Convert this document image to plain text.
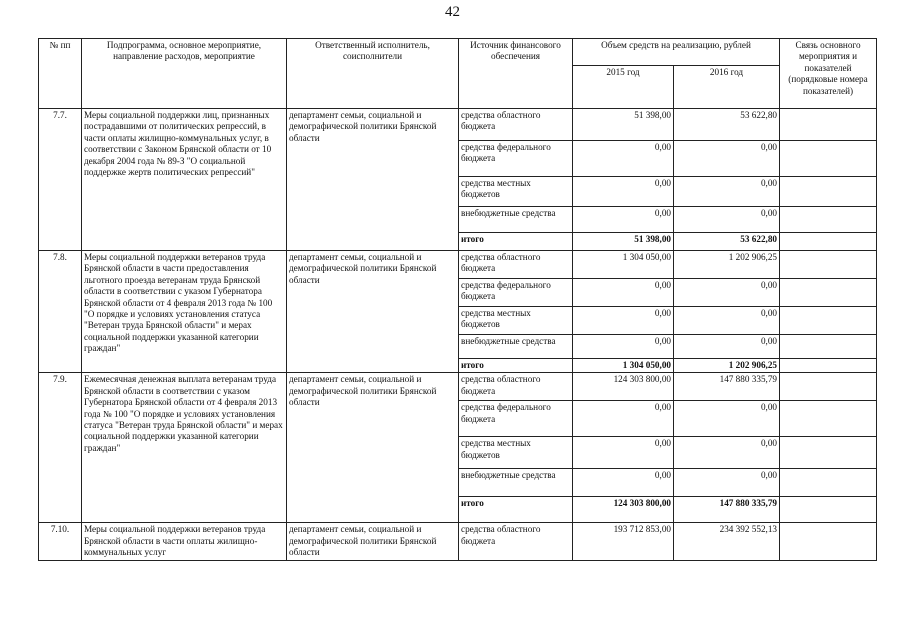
42
№ пп	Подпрограмма, основное мероприятие, направление расходов, мероприятие	Ответственный исполнитель, соисполнители	Источник финансового обеспечения	Объем средств на реализацию, рублей		Связь основного мероприятия и показателей (порядковые номера показателей)
				2015 год	2016 год	
7.7.	Меры социальной поддержки лиц, признанных пострадавшими от политических репрессий, в части оплаты жилищно-коммунальных услуг, в соответствии с Законом Брянской области от 10 декабря 2004 года № 89-З "О социальной поддержке жертв политических репрессий"	департамент семьи, социальной и демографической политики Брянской области	средства областного бюджета	51 398,00	53 622,80	
			средства федерального бюджета	0,00	0,00	
			средства местных бюджетов	0,00	0,00	
			внебюджетные средства	0,00	0,00	
			итого	51 398,00	53 622,80	
7.8.	Меры социальной поддержки ветеранов труда Брянской области в части предоставления льготного проезда ветеранам труда Брянской области в соответствии с указом Губернатора Брянской области от 4 февраля 2013 года № 100 "О порядке и условиях установления статуса "Ветеран труда Брянской области" и мерах социальной поддержки указанной категории граждан"	департамент семьи, социальной и демографической политики Брянской области	средства областного бюджета	1 304 050,00	1 202 906,25	
			средства федерального бюджета	0,00	0,00	
			средства местных бюджетов	0,00	0,00	
			внебюджетные средства	0,00	0,00	
			итого	1 304 050,00	1 202 906,25	
7.9.	Ежемесячная денежная выплата ветеранам труда Брянской области в соответствии с указом Губернатора Брянской области от 4 февраля 2013 года № 100 "О порядке и условиях установления статуса "Ветеран труда Брянской области" и мерах социальной поддержки указанной категории граждан"	департамент семьи, социальной и демографической политики Брянской области	средства областного бюджета	124 303 800,00	147 880 335,79	
			средства федерального бюджета	0,00	0,00	
			средства местных бюджетов	0,00	0,00	
			внебюджетные средства	0,00	0,00	
			итого	124 303 800,00	147 880 335,79	
7.10.	Меры социальной поддержки ветеранов труда Брянской области в части оплаты жилищно-коммунальных услуг	департамент семьи, социальной и демографической политики Брянской области	средства областного бюджета	193 712 853,00	234 392 552,13	
